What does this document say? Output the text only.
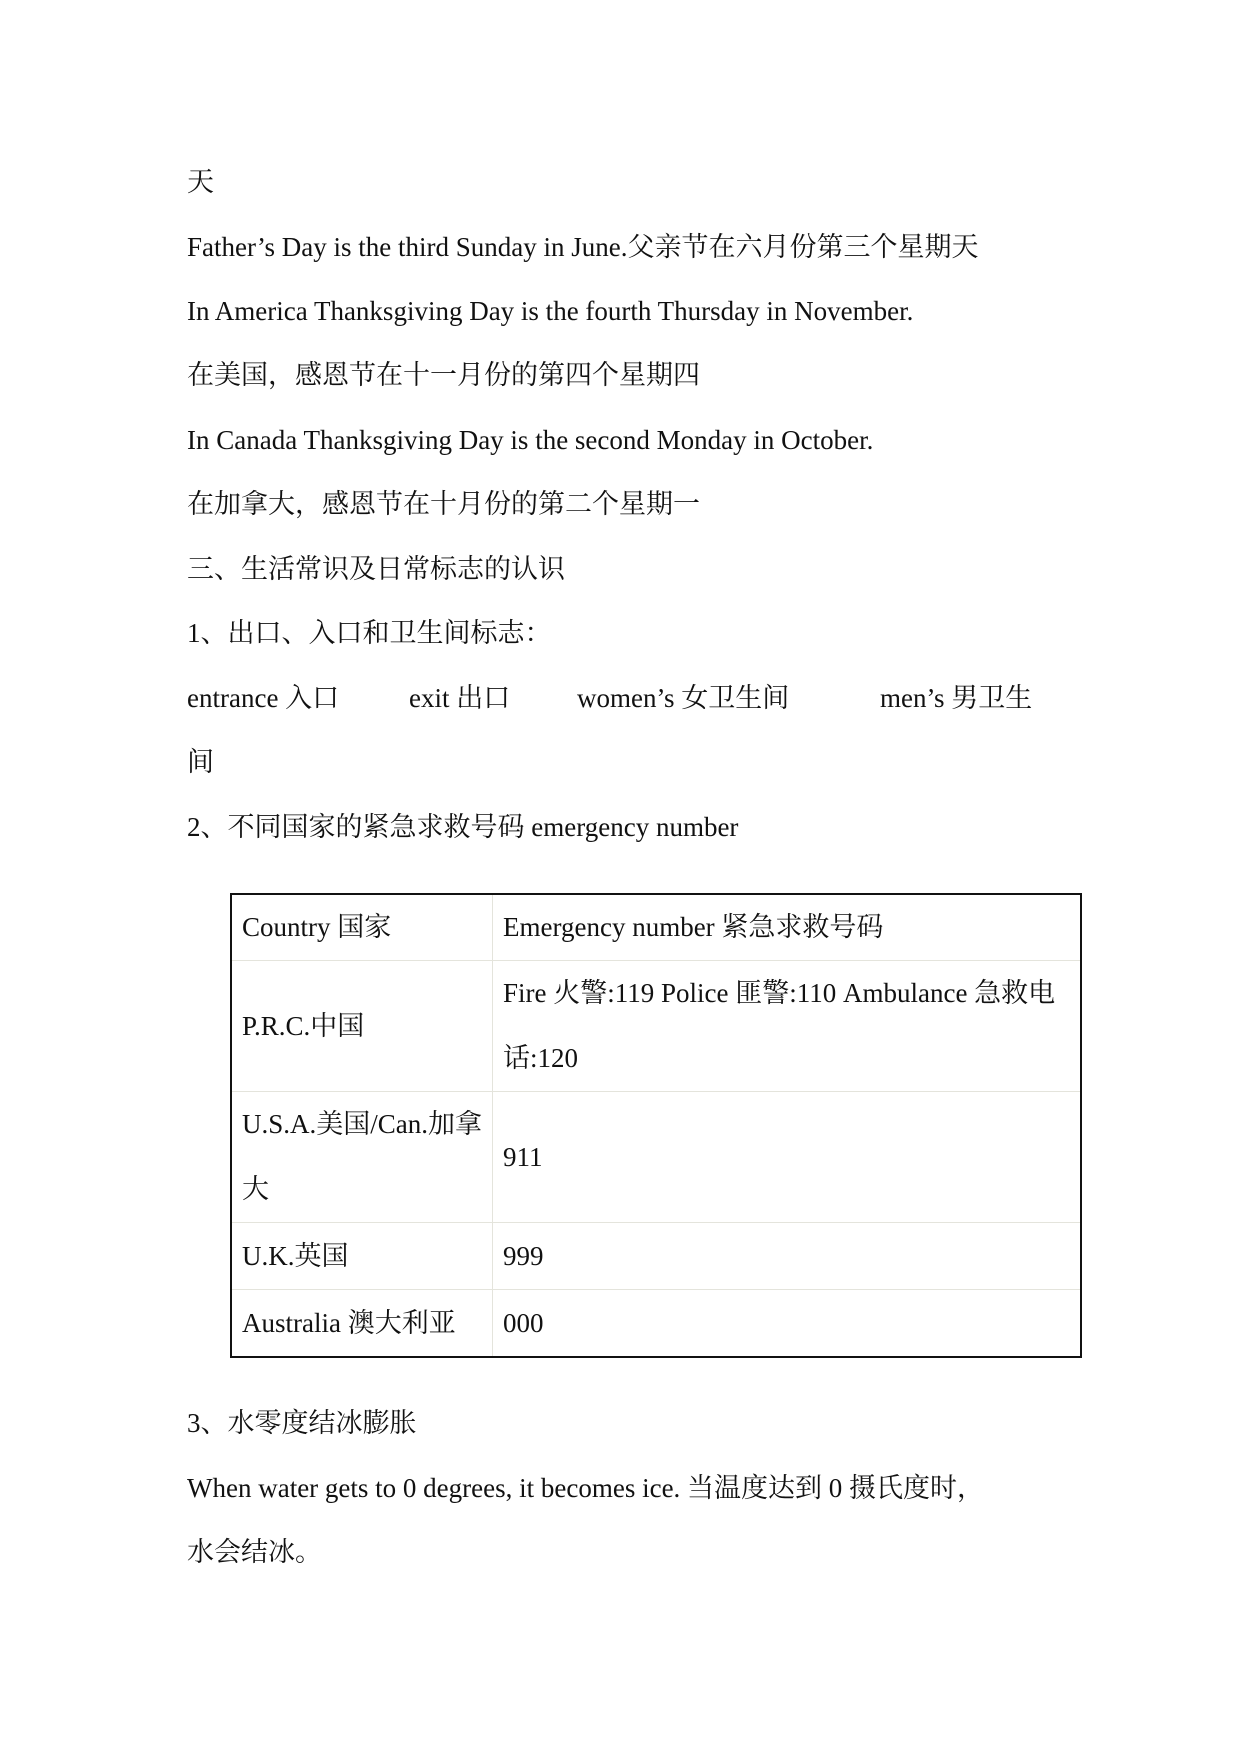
天
Father’s Day is the third Sunday in June.父亲节在六月份第三个星期天
In America Thanksgiving Day is the fourth Thursday in November.
在美国，感恩节在十一月份的第四个星期四
In Canada Thanksgiving Day is the second Monday in October.
在加拿大，感恩节在十月份的第二个星期一
三、生活常识及日常标志的认识
1、出口、入口和卫生间标志：
entrance 入口	exit 出口 women’s 女卫生间	men’s 男卫生
间
2、不同国家的紧急求救号码 emergency number
Country 国家	Emergency number 紧急求救号码
P.R.C.中国	Fire 火警:119 Police 匪警:110 Ambulance 急救电话:120
U.S.A.美国/Can.加拿大	911
U.K.英国	999
Australia 澳大利亚	000
3、水零度结冰膨胀
When water gets to 0 degrees, it becomes ice. 当温度达到 0 摄氏度时，
水会结冰。
